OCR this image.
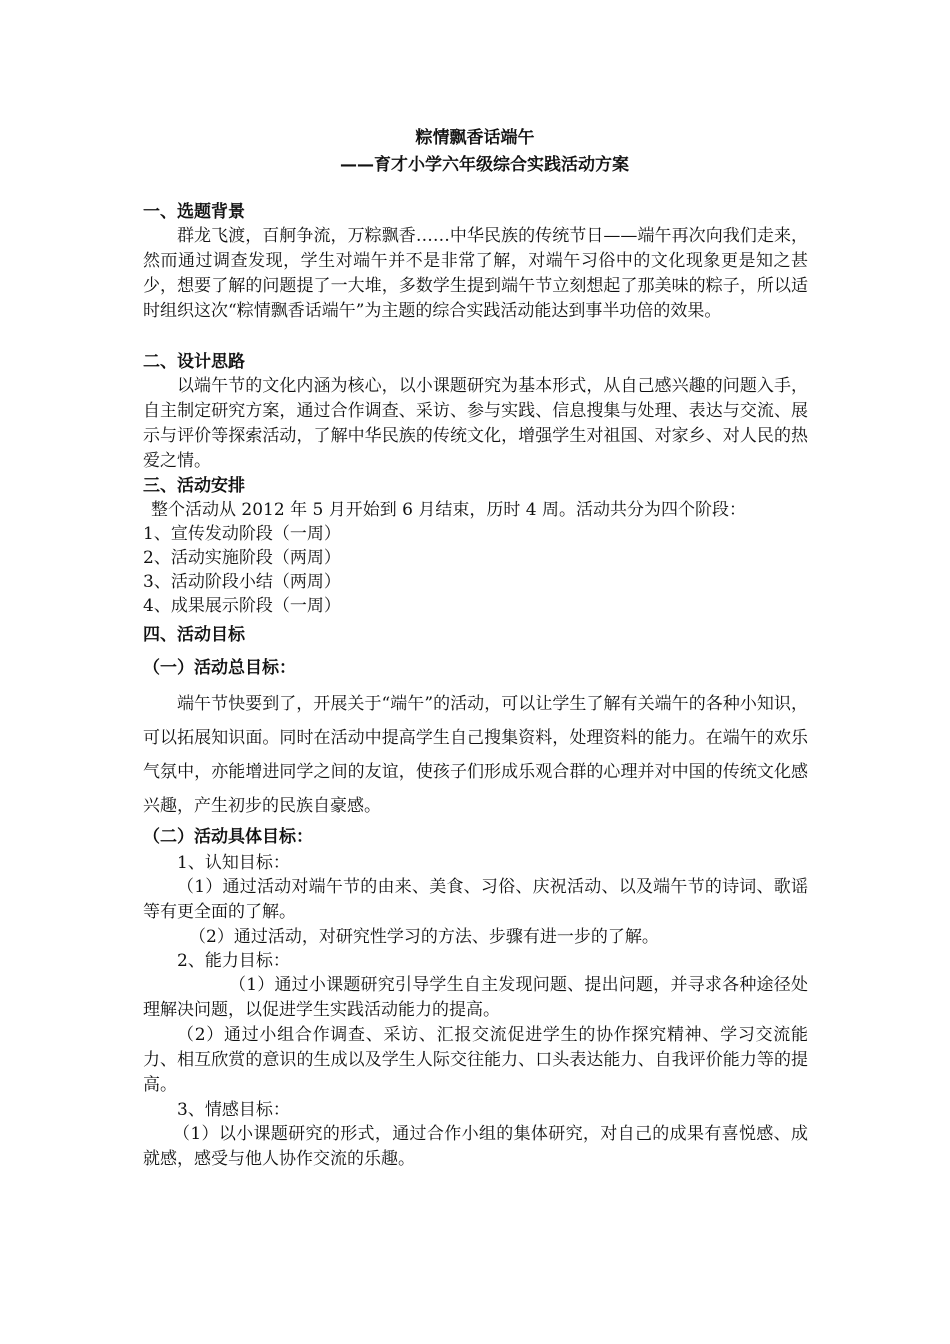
粽情飘香话端午
——育才小学六年级综合实践活动方案
一、选题背景
群龙飞渡，百舸争流，万粽飘香……中华民族的传统节日——端午再次向我们走来，然而通过调查发现，学生对端午并不是非常了解，对端午习俗中的文化现象更是知之甚少，想要了解的问题提了一大堆，多数学生提到端午节立刻想起了那美味的粽子，所以适时组织这次“粽情飘香话端午”为主题的综合实践活动能达到事半功倍的效果。
二、设计思路
以端午节的文化内涵为核心，以小课题研究为基本形式，从自己感兴趣的问题入手，自主制定研究方案，通过合作调查、采访、参与实践、信息搜集与处理、表达与交流、展示与评价等探索活动，了解中华民族的传统文化，增强学生对祖国、对家乡、对人民的热爱之情。
三、活动安排
整个活动从 2012 年 5 月开始到 6 月结束，历时 4 周。活动共分为四个阶段：
1、宣传发动阶段（一周）
2、活动实施阶段（两周）
3、活动阶段小结（两周）
4、成果展示阶段（一周）
四、活动目标
（一）活动总目标：
端午节快要到了，开展关于“端午”的活动，可以让学生了解有关端午的各种小知识，可以拓展知识面。同时在活动中提高学生自己搜集资料，处理资料的能力。在端午的欢乐气氛中，亦能增进同学之间的友谊，使孩子们形成乐观合群的心理并对中国的传统文化感兴趣，产生初步的民族自豪感。
（二）活动具体目标：
1、认知目标：
（1）通过活动对端午节的由来、美食、习俗、庆祝活动、以及端午节的诗词、歌谣等有更全面的了解。
（2）通过活动，对研究性学习的方法、步骤有进一步的了解。
2、能力目标：
（1）通过小课题研究引导学生自主发现问题、提出问题，并寻求各种途径处理解决问题，以促进学生实践活动能力的提高。
（2）通过小组合作调查、采访、汇报交流促进学生的协作探究精神、学习交流能力、相互欣赏的意识的生成以及学生人际交往能力、口头表达能力、自我评价能力等的提高。
3、情感目标：
（1）以小课题研究的形式，通过合作小组的集体研究，对自己的成果有喜悦感、成就感，感受与他人协作交流的乐趣。
